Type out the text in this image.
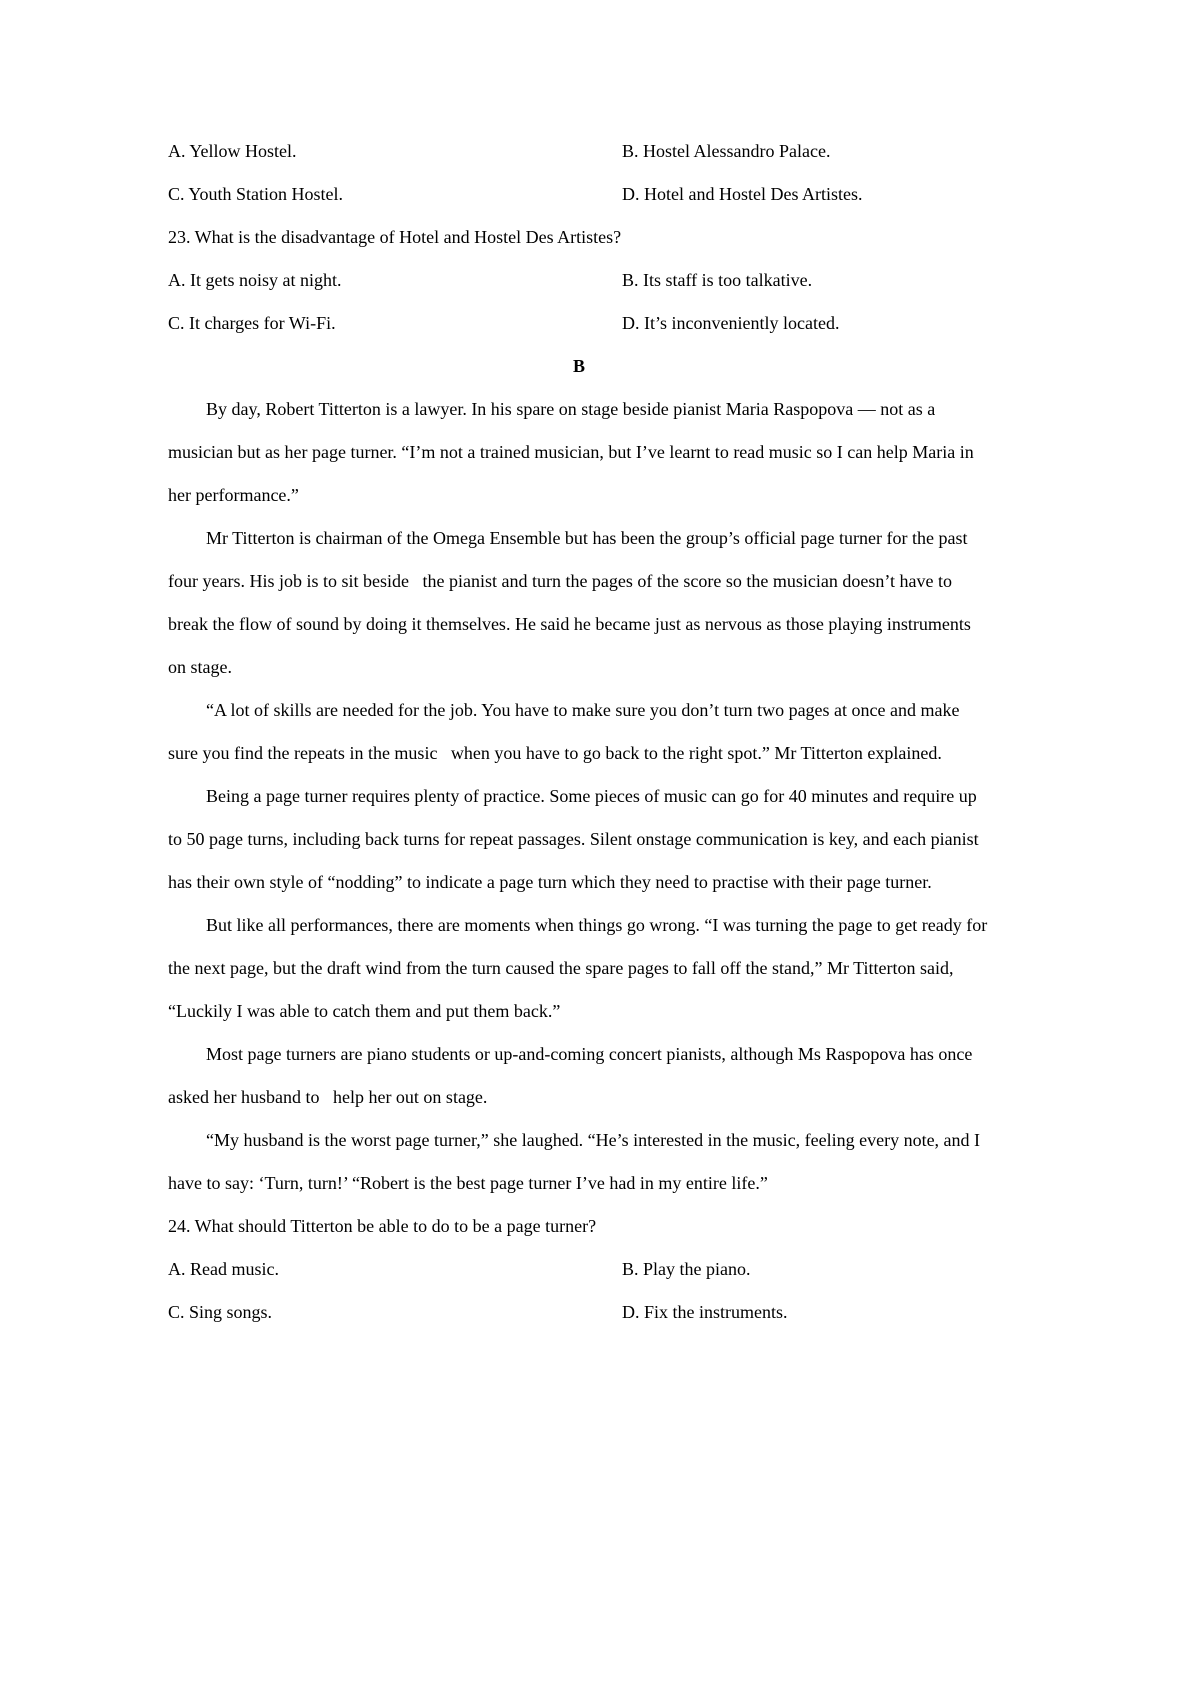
A. Yellow Hostel.	B. Hostel Alessandro Palace.
C. Youth Station Hostel.	D. Hotel and Hostel Des Artistes.

23. What is the disadvantage of Hotel and Hostel Des Artistes?

A. It gets noisy at night.	B. Its staff is too talkative.
C. It charges for Wi-Fi.	D. It’s inconveniently located.
B

By day, Robert Titterton is a lawyer. In his spare on stage beside pianist Maria Raspopova — not as a musician but as her page turner. “I’m not a trained musician, but I’ve learnt to read music so I can help Maria in her performance.”

Mr Titterton is chairman of the Omega Ensemble but has been the group’s official page turner for the past four years. His job is to sit beside   the pianist and turn the pages of the score so the musician doesn’t have to break the flow of sound by doing it themselves. He said he became just as nervous as those playing instruments on stage.

“A lot of skills are needed for the job. You have to make sure you don’t turn two pages at once and make sure you find the repeats in the music   when you have to go back to the right spot.” Mr Titterton explained.

Being a page turner requires plenty of practice. Some pieces of music can go for 40 minutes and require up to 50 page turns, including back turns for repeat passages. Silent onstage communication is key, and each pianist has their own style of “nodding” to indicate a page turn which they need to practise with their page turner.

But like all performances, there are moments when things go wrong. “I was turning the page to get ready for the next page, but the draft wind from the turn caused the spare pages to fall off the stand,” Mr Titterton said, “Luckily I was able to catch them and put them back.”

Most page turners are piano students or up-and-coming concert pianists, although Ms Raspopova has once asked her husband to   help her out on stage.

“My husband is the worst page turner,” she laughed. “He’s interested in the music, feeling every note, and I have to say: ‘Turn, turn!’ “Robert is the best page turner I’ve had in my entire life.”

24. What should Titterton be able to do to be a page turner?

A. Read music.	B. Play the piano.
C. Sing songs.	D. Fix the instruments.
